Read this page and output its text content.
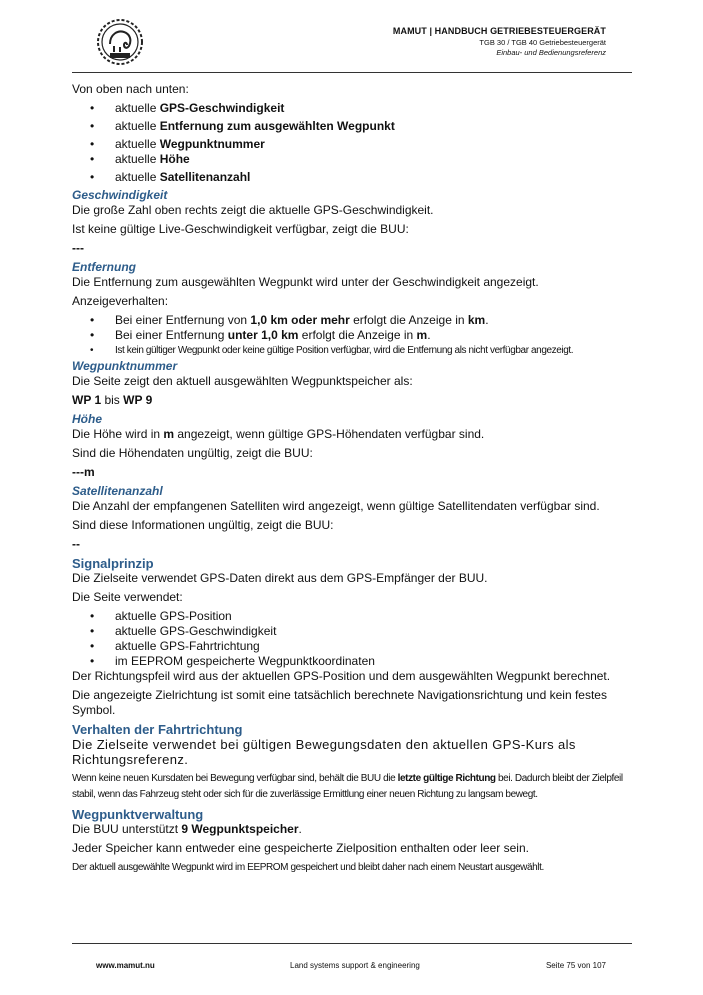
MAMUT | HANDBUCH GETRIEBESTEUERGERÄT
TGB 30 / TGB 40 Getriebesteuergerät
Einbau- und Bedienungsreferenz
Von oben nach unten:
• aktuelle GPS-Geschwindigkeit
• aktuelle Entfernung zum ausgewählten Wegpunkt
• aktuelle Wegpunktnummer
• aktuelle Höhe
• aktuelle Satellitenanzahl
Geschwindigkeit
Die große Zahl oben rechts zeigt die aktuelle GPS-Geschwindigkeit.
Ist keine gültige Live-Geschwindigkeit verfügbar, zeigt die BUU:
---
Entfernung
Die Entfernung zum ausgewählten Wegpunkt wird unter der Geschwindigkeit angezeigt.
Anzeigeverhalten:
• Bei einer Entfernung von 1,0 km oder mehr erfolgt die Anzeige in km.
• Bei einer Entfernung unter 1,0 km erfolgt die Anzeige in m.
• Ist kein gültiger Wegpunkt oder keine gültige Position verfügbar, wird die Entfernung als nicht verfügbar angezeigt.
Wegpunktnummer
Die Seite zeigt den aktuell ausgewählten Wegpunktspeicher als:
WP 1 bis WP 9
Höhe
Die Höhe wird in m angezeigt, wenn gültige GPS-Höhendaten verfügbar sind.
Sind die Höhendaten ungültig, zeigt die BUU:
---m
Satellitenanzahl
Die Anzahl der empfangenen Satelliten wird angezeigt, wenn gültige Satellitendaten verfügbar sind.
Sind diese Informationen ungültig, zeigt die BUU:
--
Signalprinzip
Die Zielseite verwendet GPS-Daten direkt aus dem GPS-Empfänger der BUU.
Die Seite verwendet:
• aktuelle GPS-Position
• aktuelle GPS-Geschwindigkeit
• aktuelle GPS-Fahrtrichtung
• im EEPROM gespeicherte Wegpunktkoordinaten
Der Richtungspfeil wird aus der aktuellen GPS-Position und dem ausgewählten Wegpunkt berechnet.
Die angezeigte Zielrichtung ist somit eine tatsächlich berechnete Navigationsrichtung und kein festes Symbol.
Verhalten der Fahrtrichtung
Die Zielseite verwendet bei gültigen Bewegungsdaten den aktuellen GPS-Kurs als Richtungsreferenz.
Wenn keine neuen Kursdaten bei Bewegung verfügbar sind, behält die BUU die letzte gültige Richtung bei. Dadurch bleibt der Zielpfeil stabil, wenn das Fahrzeug steht oder sich für die zuverlässige Ermittlung einer neuen Richtung zu langsam bewegt.
Wegpunktverwaltung
Die BUU unterstützt 9 Wegpunktspeicher.
Jeder Speicher kann entweder eine gespeicherte Zielposition enthalten oder leer sein.
Der aktuell ausgewählte Wegpunkt wird im EEPROM gespeichert und bleibt daher nach einem Neustart ausgewählt.
www.mamut.nu	Land systems support & engineering	Seite 75 von 107
